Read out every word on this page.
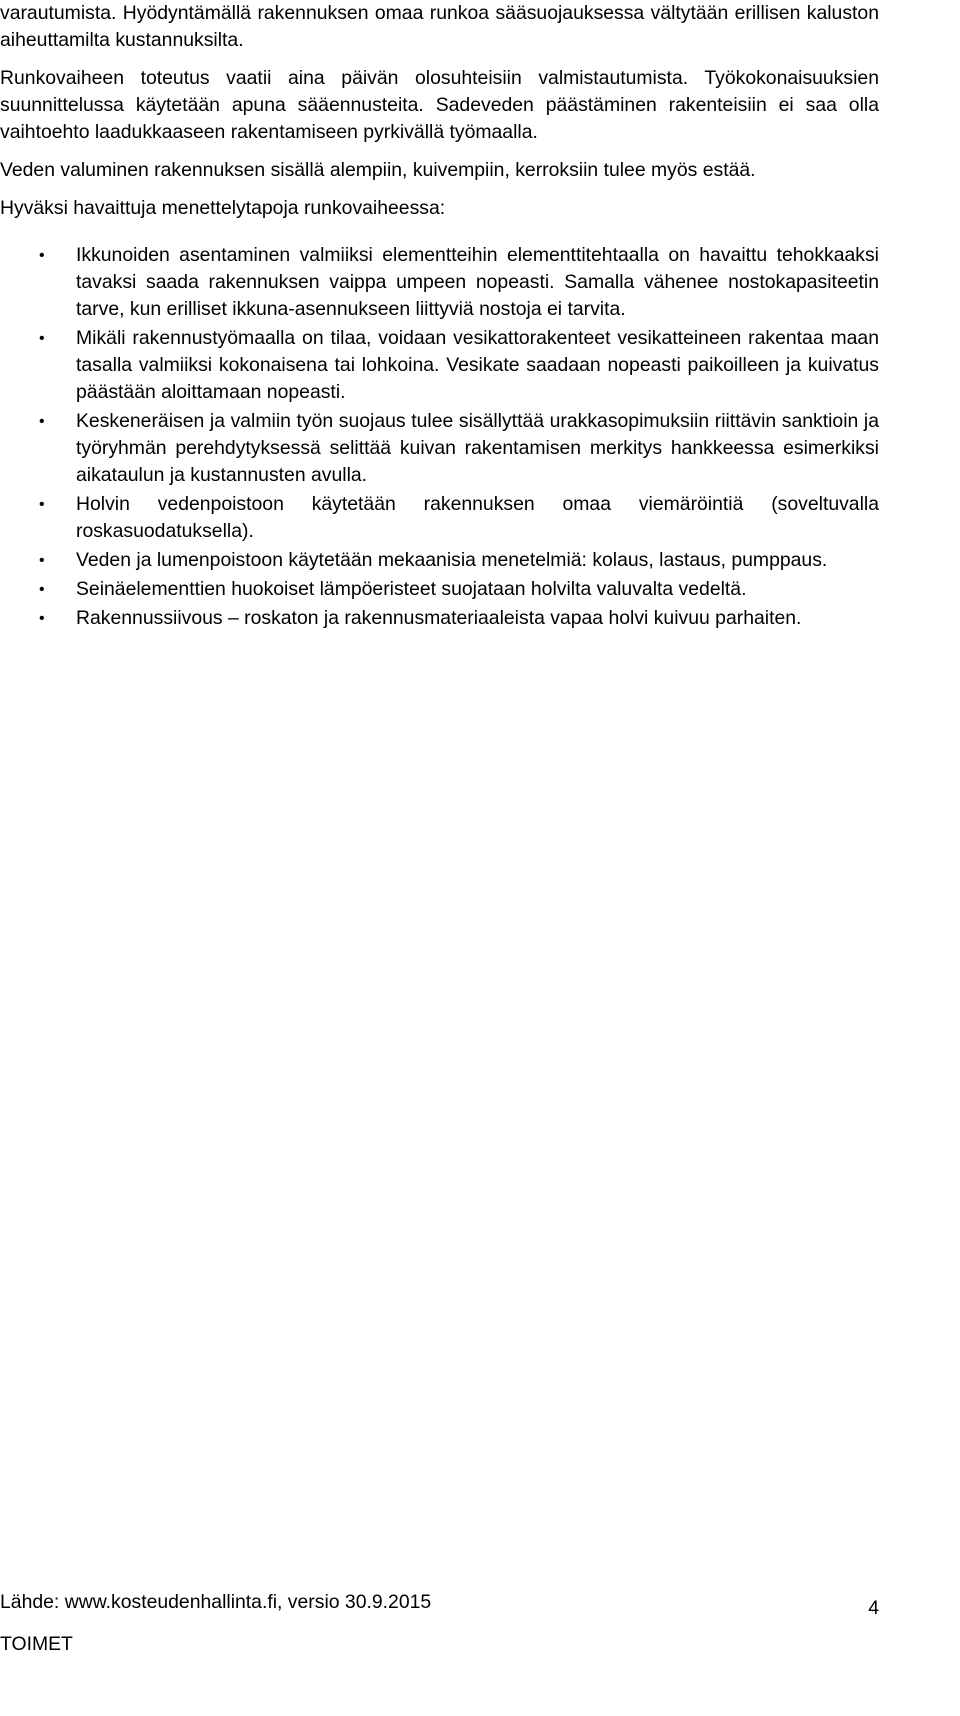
varautumista. Hyödyntämällä rakennuksen omaa runkoa sääsuojauksessa vältytään erillisen kaluston aiheuttamilta kustannuksilta.

Runkovaiheen toteutus vaatii aina päivän olosuhteisiin valmistautumista. Työkokonaisuuksien suunnittelussa käytetään apuna sääennusteita. Sadeveden päästäminen rakenteisiin ei saa olla vaihtoehto laadukkaaseen rakentamiseen pyrkivällä työmaalla.

Veden valuminen rakennuksen sisällä alempiin, kuivempiin, kerroksiin tulee myös estää.

Hyväksi havaittuja menettelytapoja runkovaiheessa:

• Ikkunoiden asentaminen valmiiksi elementteihin elementtitehtaalla on havaittu tehokkaaksi tavaksi saada rakennuksen vaippa umpeen nopeasti. Samalla vähenee nostokapasiteetin tarve, kun erilliset ikkuna-asennukseen liittyviä nostoja ei tarvita.
• Mikäli rakennustyömaalla on tilaa, voidaan vesikattorakenteet vesikatteineen rakentaa maan tasalla valmiiksi kokonaisena tai lohkoina. Vesikate saadaan nopeasti paikoilleen ja kuivatus päästään aloittamaan nopeasti.
• Keskeneräisen ja valmiin työn suojaus tulee sisällyttää urakkasopimuksiin riittävin sanktioin ja työryhmän perehdytyksessä selittää kuivan rakentamisen merkitys hankkeessa esimerkiksi aikataulun ja kustannusten avulla.
• Holvin vedenpoistoon käytetään rakennuksen omaa viemäröintiä (soveltuvalla roskasuodatuksella).
• Veden ja lumenpoistoon käytetään mekaanisia menetelmiä: kolaus, lastaus, pumppaus.
• Seinäelementtien huokoiset lämpöeristeet suojataan holvilta valuvalta vedeltä.
• Rakennussiivous – roskaton ja rakennusmateriaaleista vapaa holvi kuivuu parhaiten.
Lähde: www.kosteudenhallinta.fi, versio 30.9.2015	4
TOIMET
